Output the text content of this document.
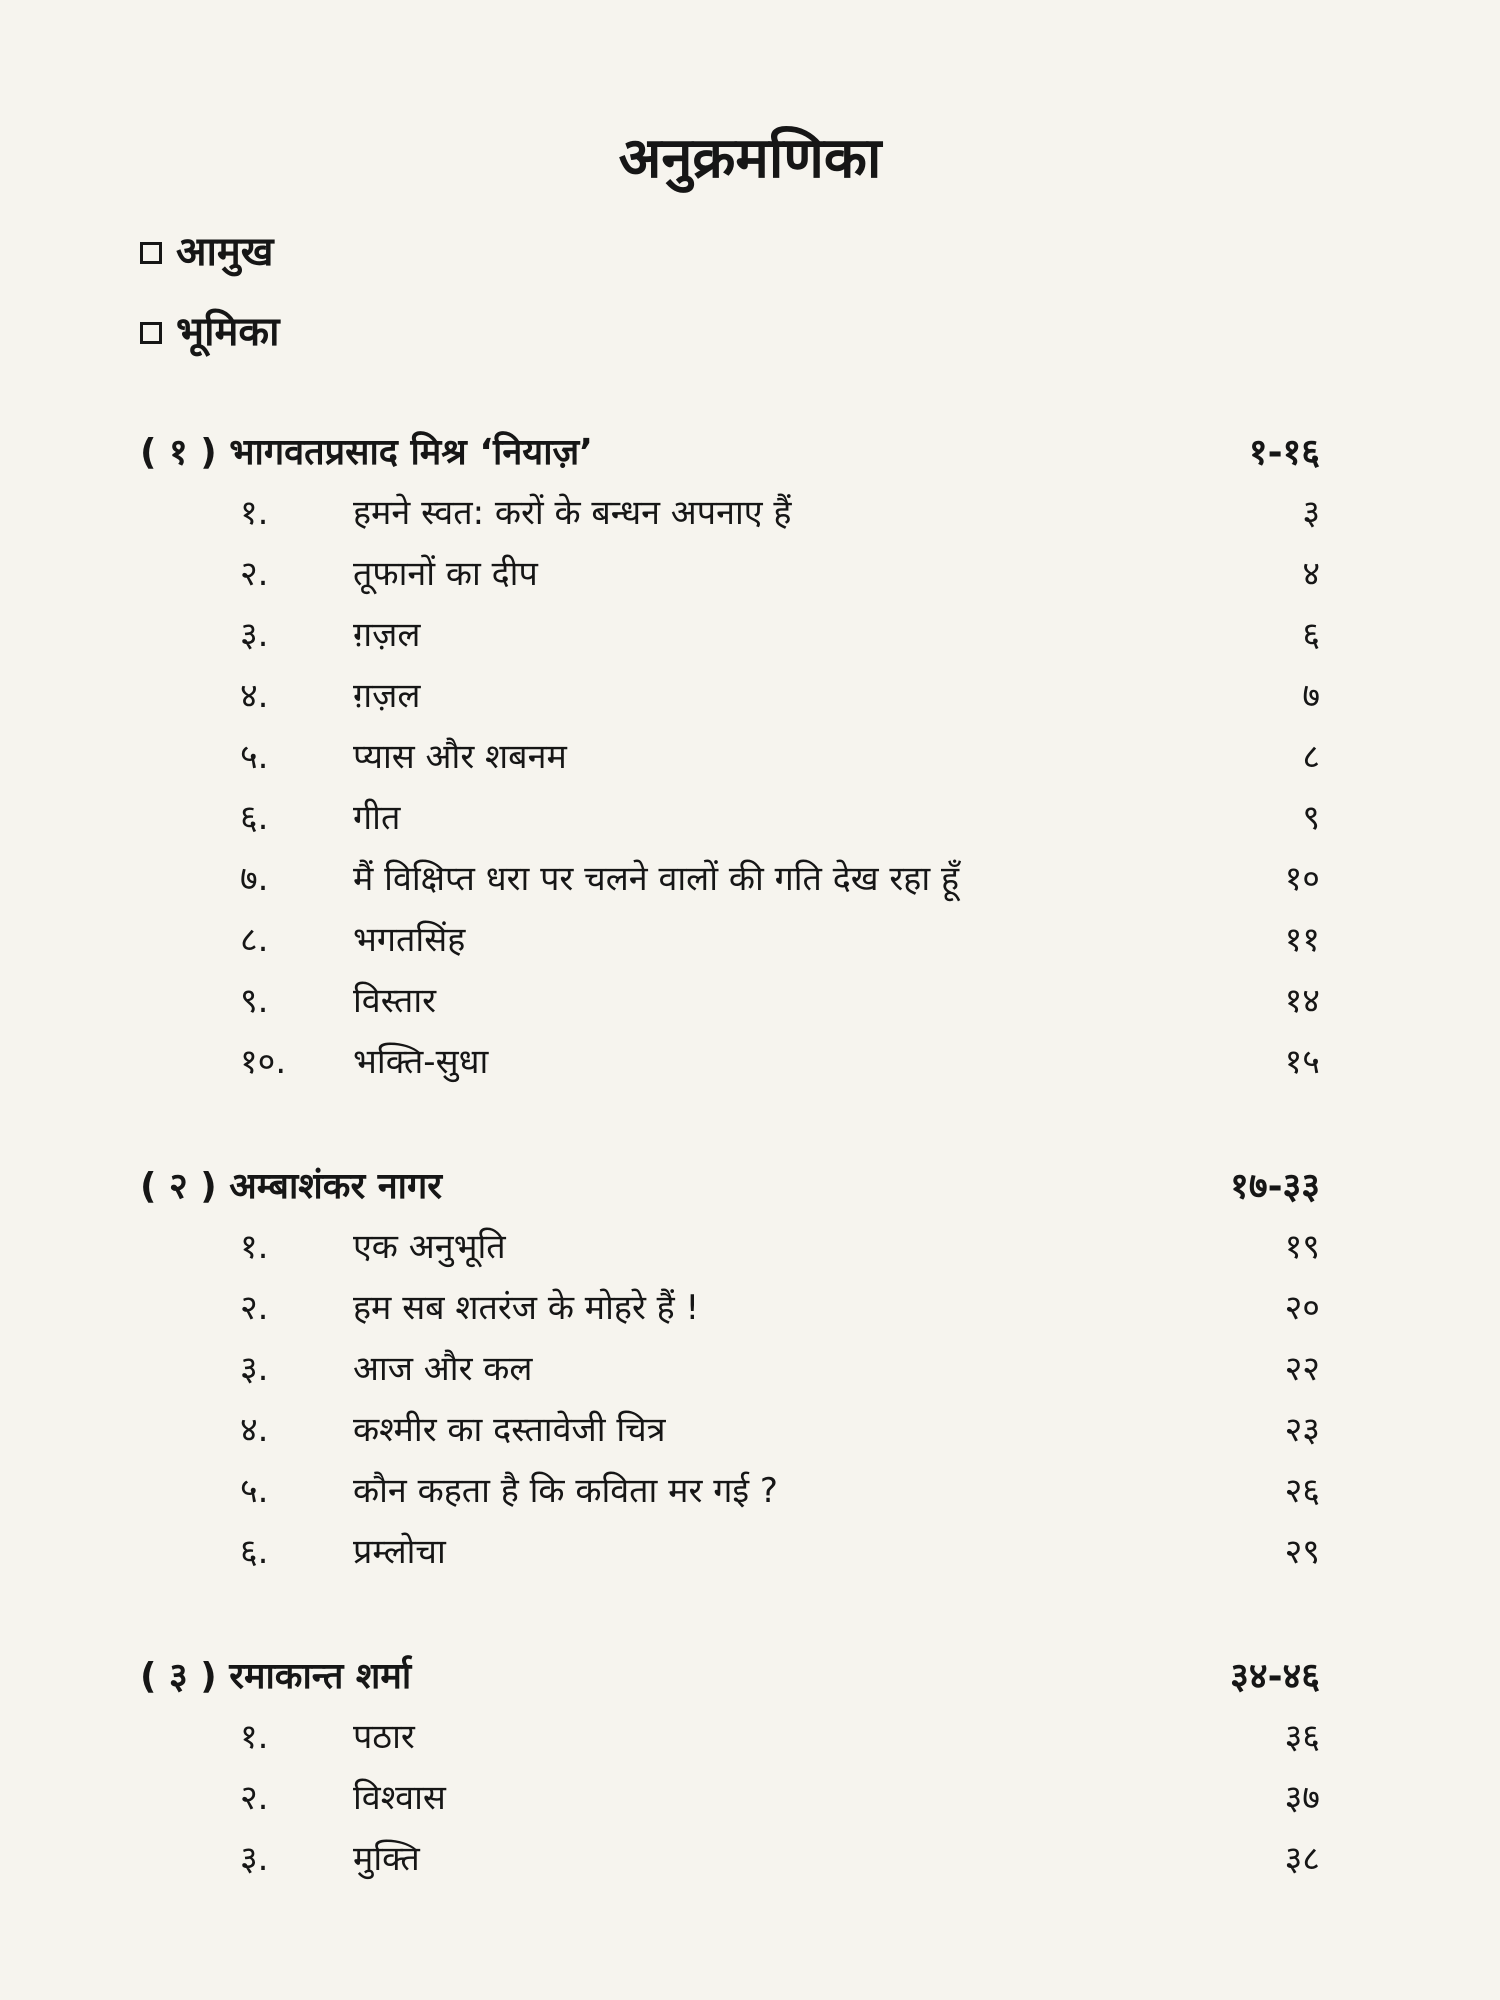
अनुक्रमणिका
आमुख
भूमिका
( १ ) भागवतप्रसाद मिश्र ‘नियाज़’	१-१६
१. हमने स्वत: करों के बन्धन अपनाए हैं	३
२. तूफानों का दीप	४
३. ग़ज़ल	६
४. ग़ज़ल	७
५. प्यास और शबनम	८
६. गीत	९
७. मैं विक्षिप्त धरा पर चलने वालों की गति देख रहा हूँ	१०
८. भगतसिंह	११
९. विस्तार	१४
१०. भक्ति-सुधा	१५
( २ ) अम्बाशंकर नागर	१७-३३
१. एक अनुभूति	१९
२. हम सब शतरंज के मोहरे हैं !	२०
३. आज और कल	२२
४. कश्मीर का दस्तावेजी चित्र	२३
५. कौन कहता है कि कविता मर गई ?	२६
६. प्रम्लोचा	२९
( ३ ) रमाकान्त शर्मा	३४-४६
१. पठार	३६
२. विश्वास	३७
३. मुक्ति	३८
